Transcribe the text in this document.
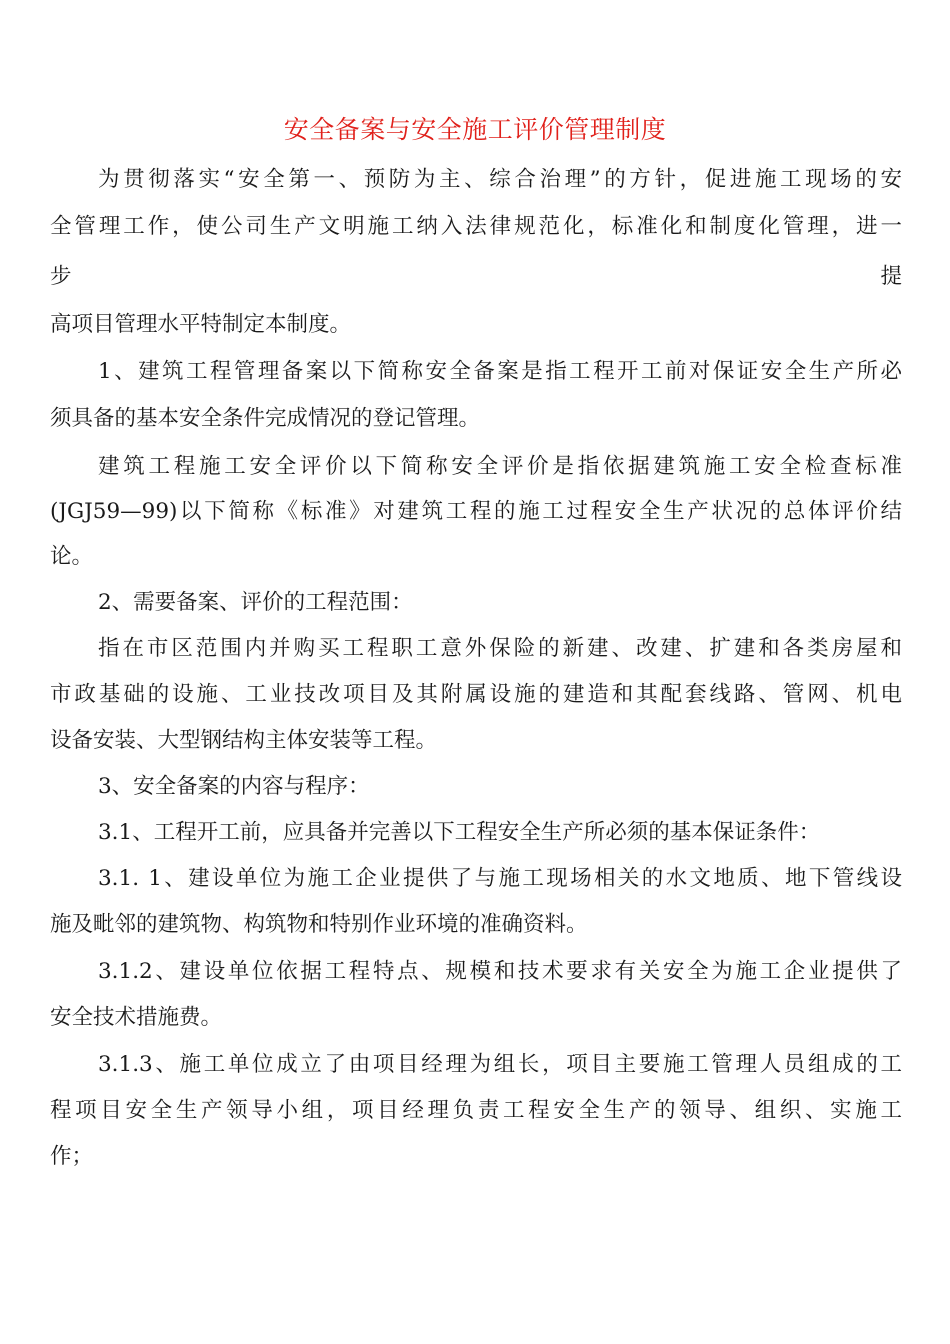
安全备案与安全施工评价管理制度
为贯彻落实“安全第一、预防为主、综合治理”的方针，促进施工现场的安
全管理工作，使公司生产文明施工纳入法律规范化，标准化和制度化管理，进一
步	提
高项目管理水平特制定本制度。
1、建筑工程管理备案以下简称安全备案是指工程开工前对保证安全生产所必
须具备的基本安全条件完成情况的登记管理。
建筑工程施工安全评价以下简称安全评价是指依据建筑施工安全检查标准
(JGJ59—99)以下简称《标准》对建筑工程的施工过程安全生产状况的总体评价结
论。
2、需要备案、评价的工程范围：
指在市区范围内并购买工程职工意外保险的新建、改建、扩建和各类房屋和
市政基础的设施、工业技改项目及其附属设施的建造和其配套线路、管网、机电
设备安装、大型钢结构主体安装等工程。
3、安全备案的内容与程序：
3.1、工程开工前，应具备并完善以下工程安全生产所必须的基本保证条件：
3.1. 1、建设单位为施工企业提供了与施工现场相关的水文地质、地下管线设
施及毗邻的建筑物、构筑物和特别作业环境的准确资料。
3.1.2、建设单位依据工程特点、规模和技术要求有关安全为施工企业提供了
安全技术措施费。
3.1.3、施工单位成立了由项目经理为组长，项目主要施工管理人员组成的工
程项目安全生产领导小组，项目经理负责工程安全生产的领导、组织、实施工
作；
